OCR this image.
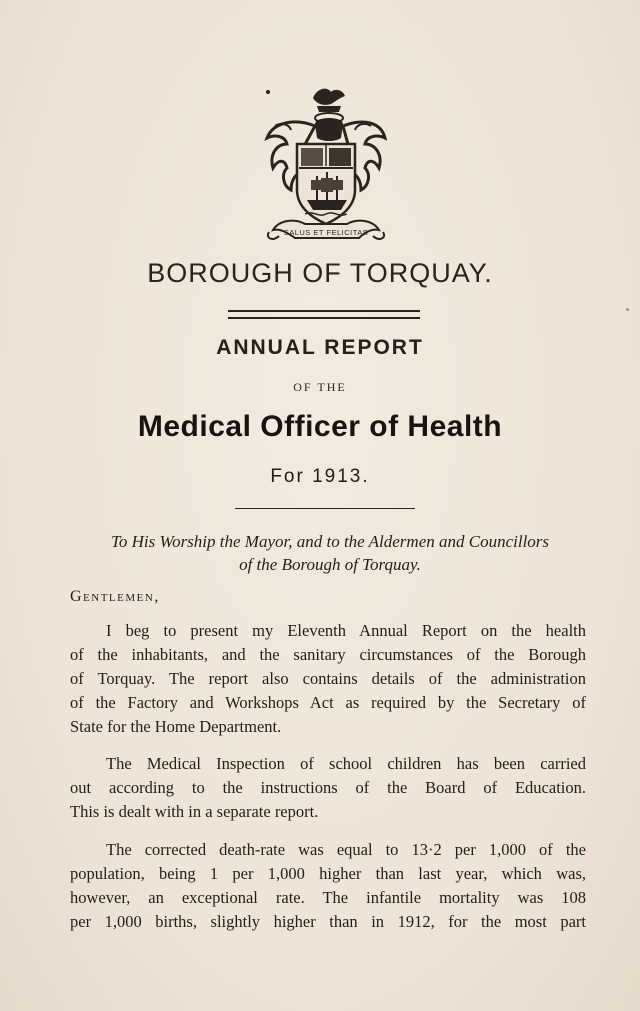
SALUS ET FELICITAS
BOROUGH OF TORQUAY.
ANNUAL REPORT
OF THE
Medical Officer of Health
For 1913.
To His Worship the Mayor, and to the Aldermen and Councillors
of the Borough of Torquay.
Gentlemen,
I beg to present my Eleventh Annual Report on the health
of the inhabitants, and the sanitary circumstances of the Borough
of Torquay. The report also contains details of the administration
of the Factory and Workshops Act as required by the Secretary of
State for the Home Department.
The Medical Inspection of school children has been carried
out according to the instructions of the Board of Education.
This is dealt with in a separate report.
The corrected death-rate was equal to 13·2 per 1,000 of the
population, being 1 per 1,000 higher than last year, which was,
however, an exceptional rate. The infantile mortality was 108
per 1,000 births, slightly higher than in 1912, for the most part
